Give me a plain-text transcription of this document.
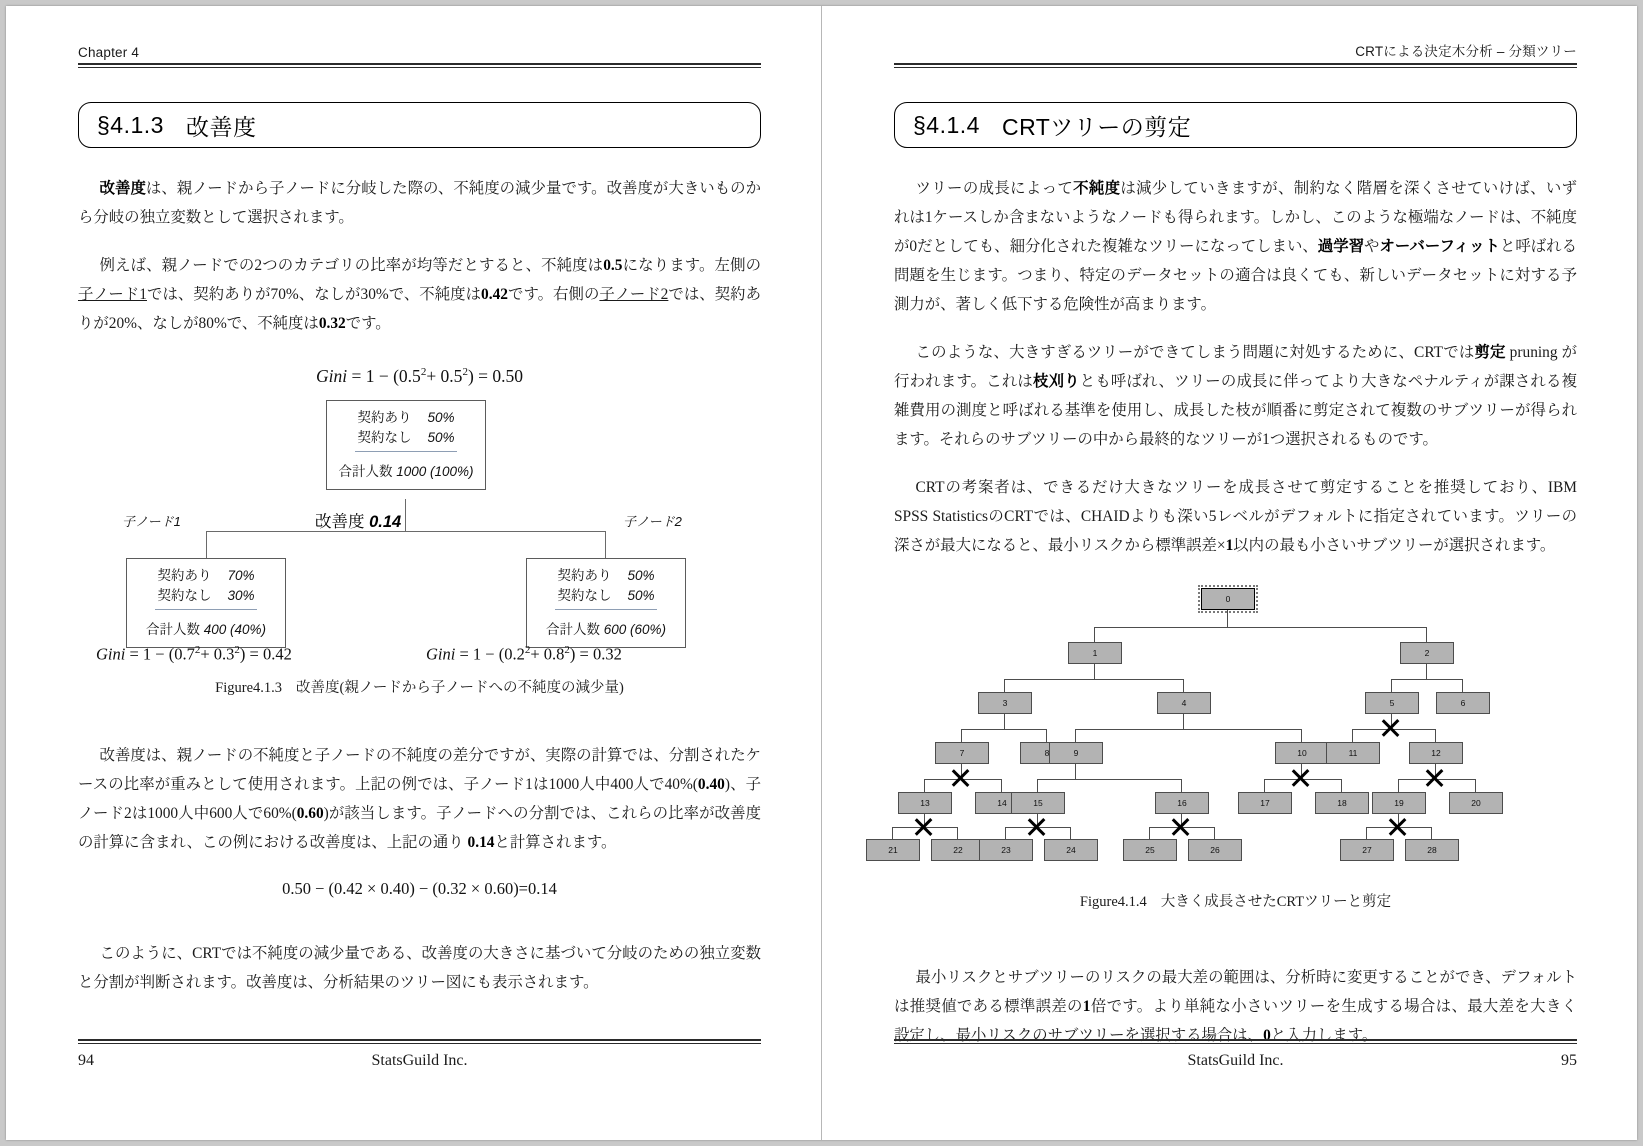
Chapter 4
§4.1.3 改善度

改善度は、親ノードから子ノードに分岐した際の、不純度の減少量です。改善度が大きいものから分岐の独立変数として選択されます。

例えば、親ノードでの2つのカテゴリの比率が均等だとすると、不純度は0.5になります。左側の子ノード1では、契約ありが70%、なしが30%で、不純度は0.42です。右側の子ノード2では、契約ありが20%、なしが80%で、不純度は0.32です。

Gini = $1 - (0.5^2+ 0.5^2) = 0.50$
契約あり 50%
契約なし 50%
合計人数 1000 (100%)
子ノード1	子ノード2
改善度 0.14
契約あり 70%
契約なし 30%
合計人数 400 (40%)
契約あり 50%
契約なし 50%
合計人数 600 (60%)
Gini = $1 - (0.7^2+ 0.3^2) = 0.42$	Gini = $1 - (0.2^2+ 0.8^2) = 0.32$
Figure4.1.3 改善度(親ノードから子ノードへの不純度の減少量)

改善度は、親ノードの不純度と子ノードの不純度の差分ですが、実際の計算では、分割されたケースの比率が重みとして使用されます。上記の例では、子ノード1は1000人中400人で40%(0.40)、子ノード2は1000人中600人で60%(0.60)が該当します。子ノードへの分割では、これらの比率が改善度の計算に含まれ、この例における改善度は、上記の通り 0.14と計算されます。

0.50 − (0.42 × 0.40) − (0.32 × 0.60)=0.14

このように、CRTでは不純度の減少量である、改善度の大きさに基づいて分岐のための独立変数と分割が判断されます。改善度は、分析結果のツリー図にも表示されます。

94	StatsGuild Inc.
CRTによる決定木分析 – 分類ツリー
§4.1.4 CRTツリーの剪定

ツリーの成長によって不純度は減少していきますが、制約なく階層を深くさせていけば、いずれは1ケースしか含まないようなノードも得られます。しかし、このような極端なノードは、不純度が0だとしても、細分化された複雑なツリーになってしまい、過学習やオーバーフィットと呼ばれる問題を生じます。つまり、特定のデータセットの適合は良くても、新しいデータセットに対する予測力が、著しく低下する危険性が高まります。

このような、大きすぎるツリーができてしまう問題に対処するために、CRTでは剪定 pruning が行われます。これは枝刈りとも呼ばれ、ツリーの成長に伴ってより大きなペナルティが課される複雑費用の測度と呼ばれる基準を使用し、成長した枝が順番に剪定されて複数のサブツリーが得られます。それらのサブツリーの中から最終的なツリーが1つ選択されるものです。

CRTの考案者は、できるだけ大きなツリーを成長させて剪定することを推奨しており、IBM SPSS StatisticsのCRTでは、CHAIDよりも深い5レベルがデフォルトに指定されています。ツリーの深さが最大になると、最小リスクから標準誤差×1以内の最も小さいサブツリーが選択されます。

0
1	2
3	4	5	6
7	8	9	10	11	12
13	14	15	16	17	18	19	20
21	22	23	24	25	26	27	28
Figure4.1.4 大きく成長させたCRTツリーと剪定

最小リスクとサブツリーのリスクの最大差の範囲は、分析時に変更することができ、デフォルトは推奨値である標準誤差の1倍です。より単純な小さいツリーを生成する場合は、最大差を大きく設定し、最小リスクのサブツリーを選択する場合は、0と入力します。

StatsGuild Inc.	95
